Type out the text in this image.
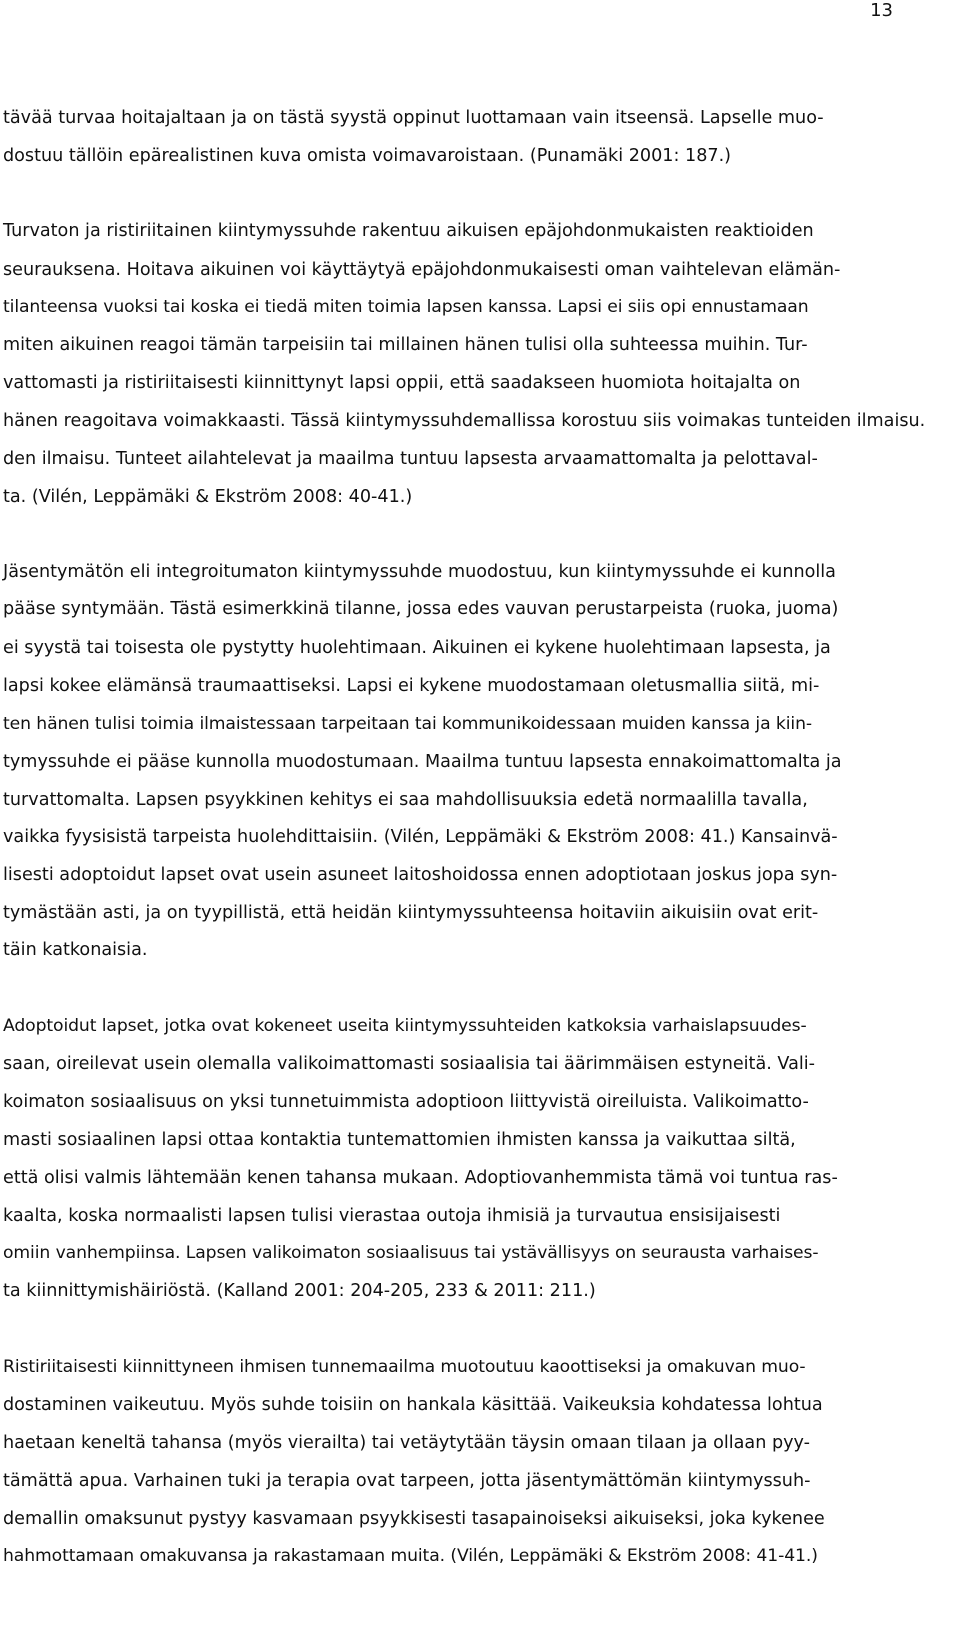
13
tävää turvaa hoitajaltaan ja on tästä syystä oppinut luottamaan vain itseensä. Lapselle muo-
dostuu tällöin epärealistinen kuva omista voimavaroistaan. (Punamäki 2001: 187.)
Turvaton ja ristiriitainen kiintymyssuhde rakentuu aikuisen epäjohdonmukaisten reaktioiden
seurauksena. Hoitava aikuinen voi käyttäytyä epäjohdonmukaisesti oman vaihtelevan elämän-
tilanteensa vuoksi tai koska ei tiedä miten toimia lapsen kanssa. Lapsi ei siis opi ennustamaan
miten aikuinen reagoi tämän tarpeisiin tai millainen hänen tulisi olla suhteessa muihin. Tur-
vattomasti ja ristiriitaisesti kiinnittynyt lapsi oppii, että saadakseen huomiota hoitajalta on
hänen reagoitava voimakkaasti. Tässä kiintymyssuhdemallissa korostuu siis voimakas tunteiden ilmaisu.
den ilmaisu. Tunteet ailahtelevat ja maailma tuntuu lapsesta arvaamattomalta ja pelottaval-
ta. (Vilén, Leppämäki & Ekström 2008: 40-41.)
Jäsentymätön eli integroitumaton kiintymyssuhde muodostuu, kun kiintymyssuhde ei kunnolla
pääse syntymään. Tästä esimerkkinä tilanne, jossa edes vauvan perustarpeista (ruoka, juoma)
ei syystä tai toisesta ole pystytty huolehtimaan. Aikuinen ei kykene huolehtimaan lapsesta, ja
lapsi kokee elämänsä traumaattiseksi. Lapsi ei kykene muodostamaan oletusmallia siitä, mi-
ten hänen tulisi toimia ilmaistessaan tarpeitaan tai kommunikoidessaan muiden kanssa ja kiin-
tymyssuhde ei pääse kunnolla muodostumaan. Maailma tuntuu lapsesta ennakoimattomalta ja
turvattomalta. Lapsen psyykkinen kehitys ei saa mahdollisuuksia edetä normaalilla tavalla,
vaikka fyysisistä tarpeista huolehdittaisiin. (Vilén, Leppämäki & Ekström 2008: 41.) Kansainvä-
lisesti adoptoidut lapset ovat usein asuneet laitoshoidossa ennen adoptiotaan joskus jopa syn-
tymästään asti, ja on tyypillistä, että heidän kiintymyssuhteensa hoitaviin aikuisiin ovat erit-
täin katkonaisia.
Adoptoidut lapset, jotka ovat kokeneet useita kiintymyssuhteiden katkoksia varhaislapsuudes-
saan, oireilevat usein olemalla valikoimattomasti sosiaalisia tai äärimmäisen estyneitä. Vali-
koimaton sosiaalisuus on yksi tunnetuimmista adoptioon liittyvistä oireiluista. Valikoimatto-
masti sosiaalinen lapsi ottaa kontaktia tuntemattomien ihmisten kanssa ja vaikuttaa siltä,
että olisi valmis lähtemään kenen tahansa mukaan. Adoptiovanhemmista tämä voi tuntua ras-
kaalta, koska normaalisti lapsen tulisi vierastaa outoja ihmisiä ja turvautua ensisijaisesti
omiin vanhempiinsa. Lapsen valikoimaton sosiaalisuus tai ystävällisyys on seurausta varhaises-
ta kiinnittymishäiriöstä. (Kalland 2001: 204-205, 233 & 2011: 211.)
Ristiriitaisesti kiinnittyneen ihmisen tunnemaailma muotoutuu kaoottiseksi ja omakuvan muo-
dostaminen vaikeutuu. Myös suhde toisiin on hankala käsittää. Vaikeuksia kohdatessa lohtua
haetaan keneltä tahansa (myös vierailta) tai vetäytytään täysin omaan tilaan ja ollaan pyy-
tämättä apua. Varhainen tuki ja terapia ovat tarpeen, jotta jäsentymättömän kiintymyssuh-
demallin omaksunut pystyy kasvamaan psyykkisesti tasapainoiseksi aikuiseksi, joka kykenee
hahmottamaan omakuvansa ja rakastamaan muita. (Vilén, Leppämäki & Ekström 2008: 41-41.)
